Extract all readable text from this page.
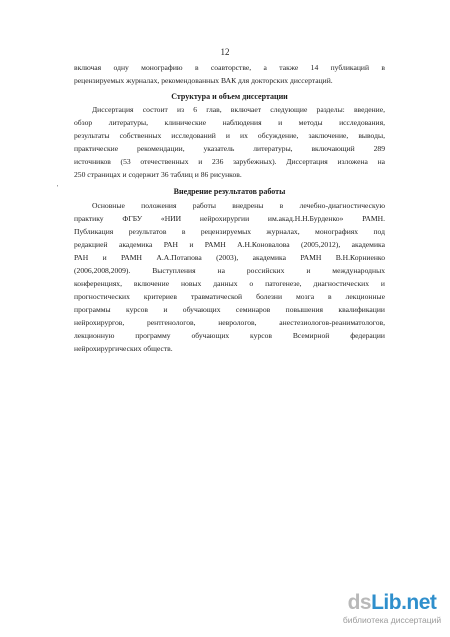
12
включая одну монографию в соавторстве, а также 14 публикаций в
рецензируемых журналах, рекомендованных ВАК для докторских диссертаций.
Структура и объем диссертации
Диссертация состоит из 6 глав, включает следующие разделы: введение,
обзор литературы, клинические наблюдения и методы исследования,
результаты собственных исследований и их обсуждение, заключение, выводы,
практические рекомендации, указатель литературы, включающий 289
источников (53 отечественных и 236 зарубежных). Диссертация изложена на
250 страницах и содержит 36 таблиц и 86 рисунков.
Внедрение результатов работы
'
Основные положения работы внедрены в лечебно-диагностическую
практику ФГБУ «НИИ нейрохирургии им.акад.Н.Н.Бурденко» РАМН.
Публикация результатов в рецензируемых журналах, монографиях под
редакцией академика РАН и РАМН А.Н.Коновалова (2005,2012), академика
РАН и РАМН А.А.Потапова (2003), академика РАМН В.Н.Корниенко
(2006,2008,2009). Выступления на российских и международных
конференциях, включение новых данных о патогенезе, диагностических и
прогностических критериев травматической болезни мозга в лекционные
программы курсов и обучающих семинаров повышения квалификации
нейрохирургов, рентгенологов, неврологов, анестезиологов-реаниматологов,
лекционную программу обучающих курсов Всемирной федерации
нейрохирургических обществ.
dsLib.net
библиотека диссертаций
